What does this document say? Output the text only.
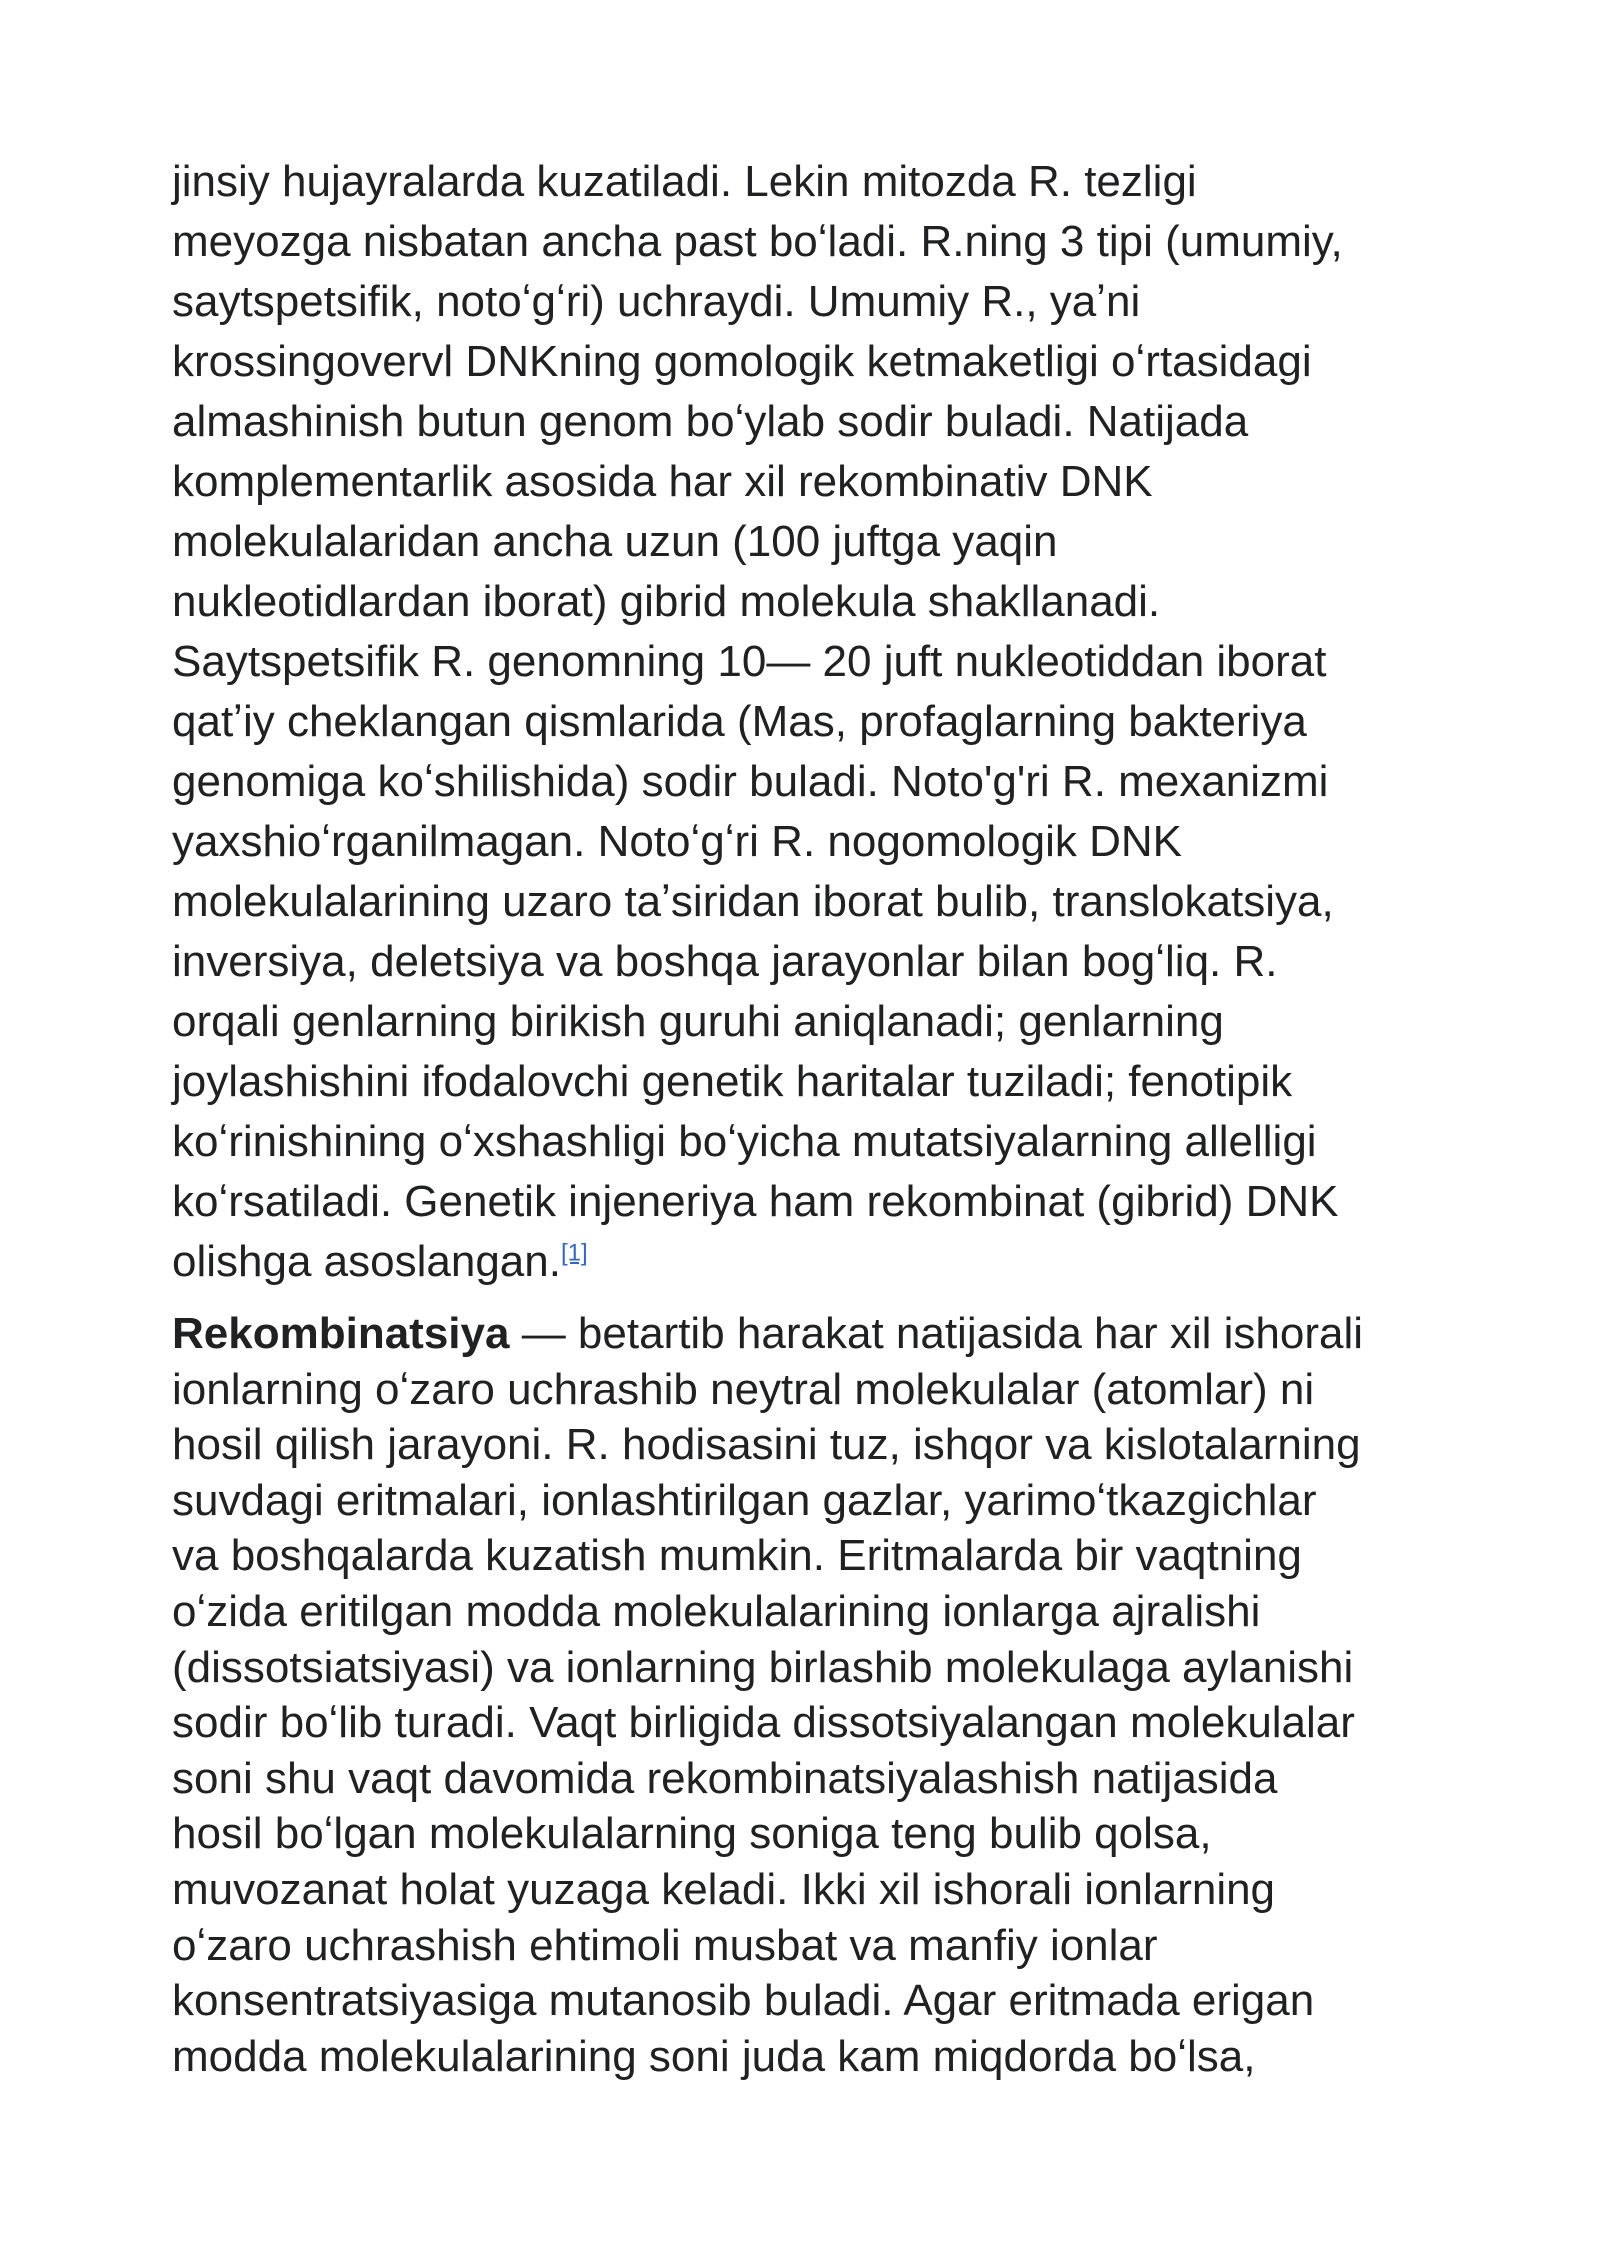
jinsiy hujayralarda kuzatiladi. Lekin mitozda R. tezligi
meyozga nisbatan ancha past boʻladi. R.ning 3 tipi (umumiy,
saytspetsifik, notoʻgʻri) uchraydi. Umumiy R., yaʼni
krossingovervl DNKning gomologik ketmaketligi oʻrtasidagi
almashinish butun genom boʻylab sodir buladi. Natijada
komplementarlik asosida har xil rekombinativ DNK
molekulalaridan ancha uzun (100 juftga yaqin
nukleotidlardan iborat) gibrid molekula shakllanadi.
Saytspetsifik R. genomning 10— 20 juft nukleotiddan iborat
qatʼiy cheklangan qismlarida (Mas, profaglarning bakteriya
genomiga koʻshilishida) sodir buladi. Noto'g'ri R. mexanizmi
yaxshioʻrganilmagan. Notoʻgʻri R. nogomologik DNK
molekulalarining uzaro taʼsiridan iborat bulib, translokatsiya,
inversiya, deletsiya va boshqa jarayonlar bilan bogʻliq. R.
orqali genlarning birikish guruhi aniqlanadi; genlarning
joylashishini ifodalovchi genetik haritalar tuziladi; fenotipik
koʻrinishining oʻxshashligi boʻyicha mutatsiyalarning allelligi
koʻrsatiladi. Genetik injeneriya ham rekombinat (gibrid) DNK
olishga asoslangan.[1]

Rekombinatsiya — betartib harakat natijasida har xil ishorali
ionlarning oʻzaro uchrashib neytral molekulalar (atomlar) ni
hosil qilish jarayoni. R. hodisasini tuz, ishqor va kislotalarning
suvdagi eritmalari, ionlashtirilgan gazlar, yarimoʻtkazgichlar
va boshqalarda kuzatish mumkin. Eritmalarda bir vaqtning
oʻzida eritilgan modda molekulalarining ionlarga ajralishi
(dissotsiatsiyasi) va ionlarning birlashib molekulaga aylanishi
sodir boʻlib turadi. Vaqt birligida dissotsiyalangan molekulalar
soni shu vaqt davomida rekombinatsiyalashish natijasida
hosil boʻlgan molekulalarning soniga teng bulib qolsa,
muvozanat holat yuzaga keladi. Ikki xil ishorali ionlarning
oʻzaro uchrashish ehtimoli musbat va manfiy ionlar
konsentratsiyasiga mutanosib buladi. Agar eritmada erigan
modda molekulalarining soni juda kam miqdorda boʻlsa,
